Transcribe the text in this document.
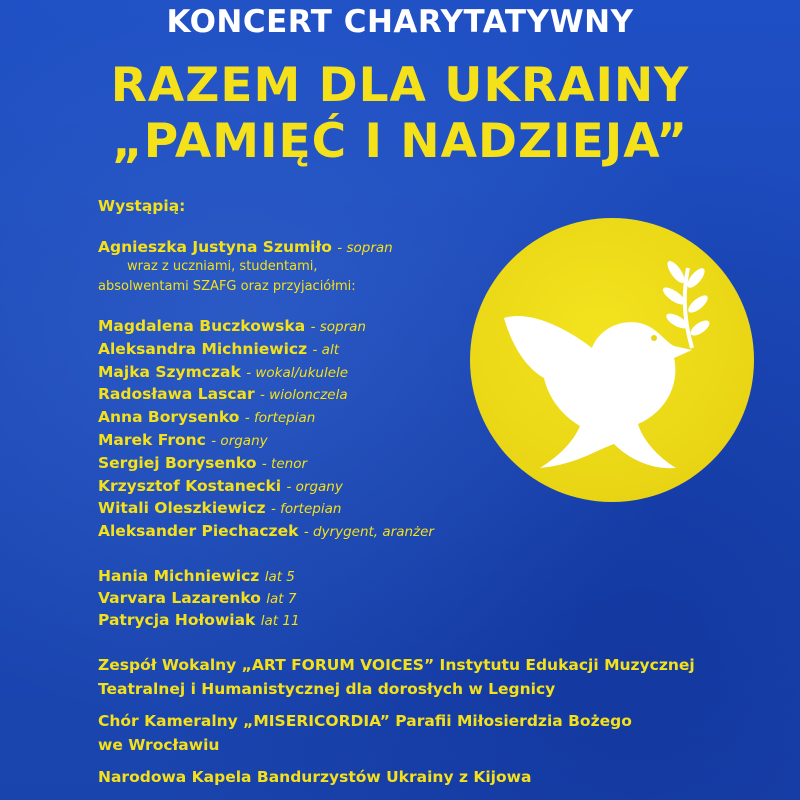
KONCERT CHARYTATYWNY
RAZEM DLA UKRAINY
„PAMIĘĆ I NADZIEJA”
Wystąpią:
Agnieszka Justyna Szumiło - sopran
wraz z uczniami, studentami,
absolwentami SZAFG oraz przyjaciółmi:
Magdalena Buczkowska - sopran
Aleksandra Michniewicz - alt
Majka Szymczak - wokal/ukulele
Radosława Lascar - wiolonczela
Anna Borysenko - fortepian
Marek Fronc - organy
Sergiej Borysenko - tenor
Krzysztof Kostanecki - organy
Witali Oleszkiewicz - fortepian
Aleksander Piechaczek - dyrygent, aranżer
Hania Michniewicz lat 5
Varvara Lazarenko lat 7
Patrycja Hołowiak lat 11
Zespół Wokalny „ART FORUM VOICES” Instytutu Edukacji Muzycznej
Teatralnej i Humanistycznej dla dorosłych w Legnicy
Chór Kameralny „MISERICORDIA” Parafii Miłosierdzia Bożego
we Wrocławiu
Narodowa Kapela Bandurzystów Ukrainy z Kijowa
